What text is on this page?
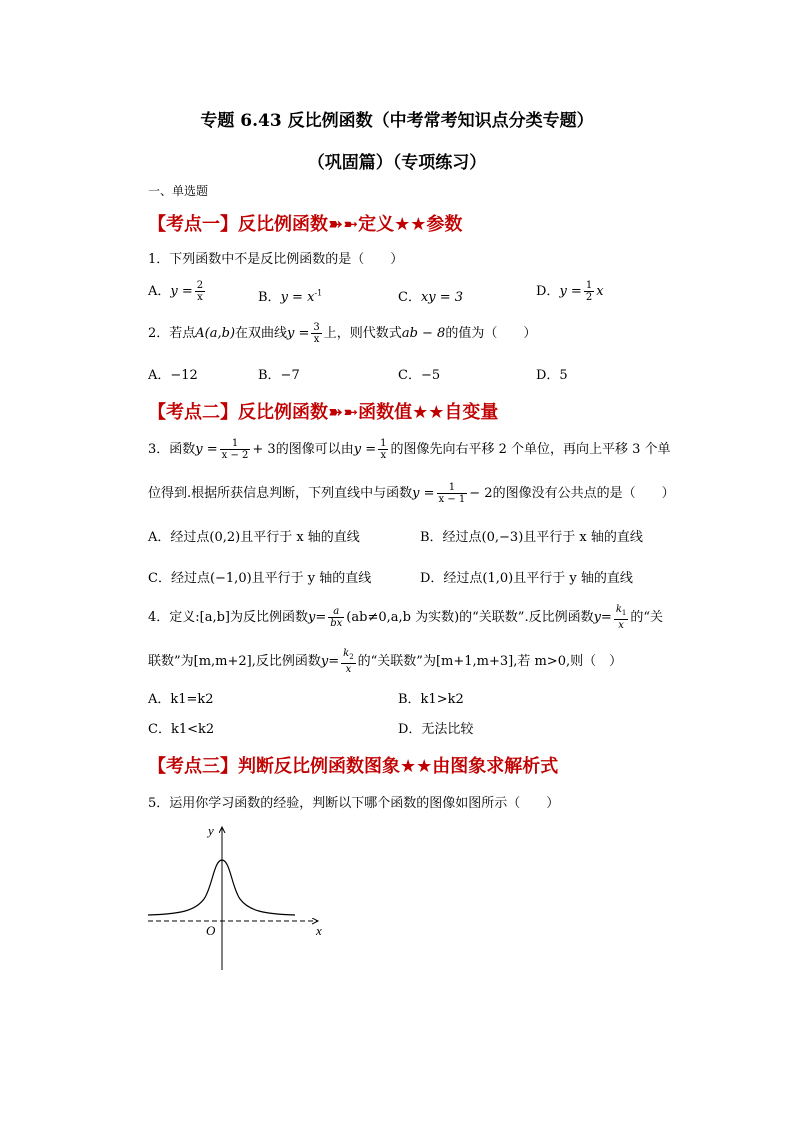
专题 6.43 反比例函数（中考常考知识点分类专题）
（巩固篇）（专项练习）
一、单选题
【考点一】反比例函数➽➼定义★★参数
1．下列函数中不是反比例函数的是（　　）
A．$y = \frac{2}{x}$	B．$y = x^{-1}$	C．xy = 3	D．$y = \frac{1}{2}$ x
2．若点A(a,b)在双曲线$y = \frac{3}{x}$ 上，则代数式ab − 8的值为（　　）
A．−12	B．−7	C．−5	D．5
【考点二】反比例函数➽➼函数值★★自变量
3．函数$y = \frac{1}{x - 2} + 3$的图像可以由$y = \frac{1}{x}$ 的图像先向右平移 2 个单位，再向上平移 3 个单
位得到.根据所获信息判断，下列直线中与函数$y = \frac{1}{x - 1} - 2$的图像没有公共点的是（　　）
A．经过点(0,2)且平行于 x 轴的直线	B．经过点(0,−3)且平行于 x 轴的直线
C．经过点(−1,0)且平行于 y 轴的直线	D．经过点(1,0)且平行于 y 轴的直线
4．定义:[a,b]为反比例函数$y= \frac{a}{bx} (ab\ne 0,a,b$ 为实数)的“关联数”.反比例函数$y= \frac{k_1}{x}$ 的“关
联数”为[m,m+2],反比例函数$y= \frac{k_2}{x}$ 的“关联数”为[m+1,m+3],若 m>0,则（　）
A．k1=k2	B．k1>k2
C．k1<k2	D．无法比较
【考点三】判断反比例函数图象★★由图象求解析式
5．运用你学习函数的经验，判断以下哪个函数的图像如图所示（　　）
y
x
O
